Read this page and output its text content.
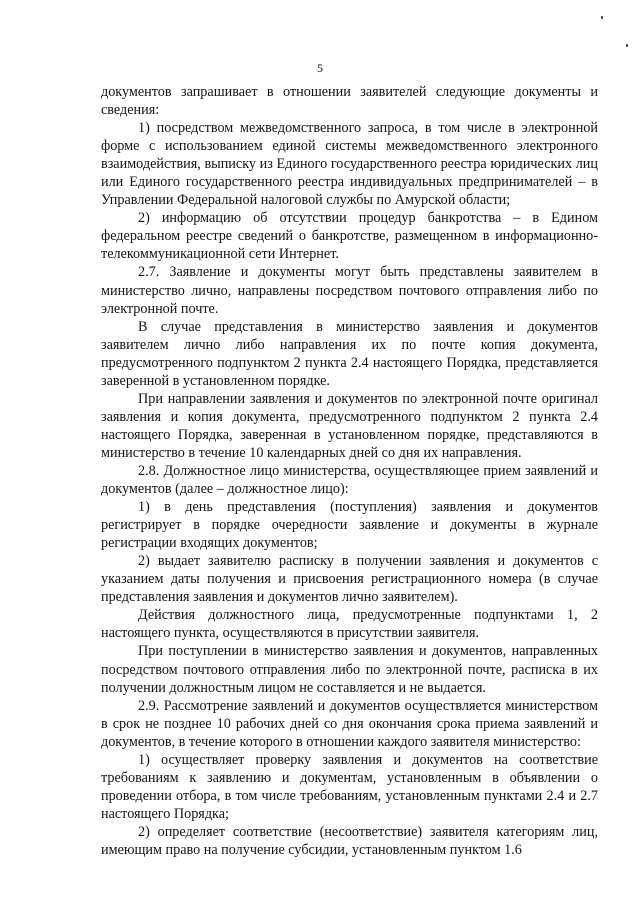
5

документов запрашивает в отношении заявителей следующие документы и сведения:

1) посредством межведомственного запроса, в том числе в электронной форме с использованием единой системы межведомственного электронного взаимодействия, выписку из Единого государственного реестра юридических лиц или Единого государственного реестра индивидуальных предпринимателей – в Управлении Федеральной налоговой службы по Амурской области;

2) информацию об отсутствии процедур банкротства – в Едином федеральном реестре сведений о банкротстве, размещенном в информационно-телекоммуникационной сети Интернет.

2.7. Заявление и документы могут быть представлены заявителем в министерство лично, направлены посредством почтового отправления либо по электронной почте.

В случае представления в министерство заявления и документов заявителем лично либо направления их по почте копия документа, предусмотренного подпунктом 2 пункта 2.4 настоящего Порядка, представляется заверенной в установленном порядке.

При направлении заявления и документов по электронной почте оригинал заявления и копия документа, предусмотренного подпунктом 2 пункта 2.4 настоящего Порядка, заверенная в установленном порядке, представляются в министерство в течение 10 календарных дней со дня их направления.

2.8. Должностное лицо министерства, осуществляющее прием заявлений и документов (далее – должностное лицо):

1) в день представления (поступления) заявления и документов регистрирует в порядке очередности заявление и документы в журнале регистрации входящих документов;

2) выдает заявителю расписку в получении заявления и документов с указанием даты получения и присвоения регистрационного номера (в случае представления заявления и документов лично заявителем).

Действия должностного лица, предусмотренные подпунктами 1, 2 настоящего пункта, осуществляются в присутствии заявителя.

При поступлении в министерство заявления и документов, направленных посредством почтового отправления либо по электронной почте, расписка в их получении должностным лицом не составляется и не выдается.

2.9. Рассмотрение заявлений и документов осуществляется министерством в срок не позднее 10 рабочих дней со дня окончания срока приема заявлений и документов, в течение которого в отношении каждого заявителя министерство:

1) осуществляет проверку заявления и документов на соответствие требованиям к заявлению и документам, установленным в объявлении о проведении отбора, в том числе требованиям, установленным пунктами 2.4 и 2.7 настоящего Порядка;

2) определяет соответствие (несоответствие) заявителя категориям лиц, имеющим право на получение субсидии, установленным пунктом 1.6
